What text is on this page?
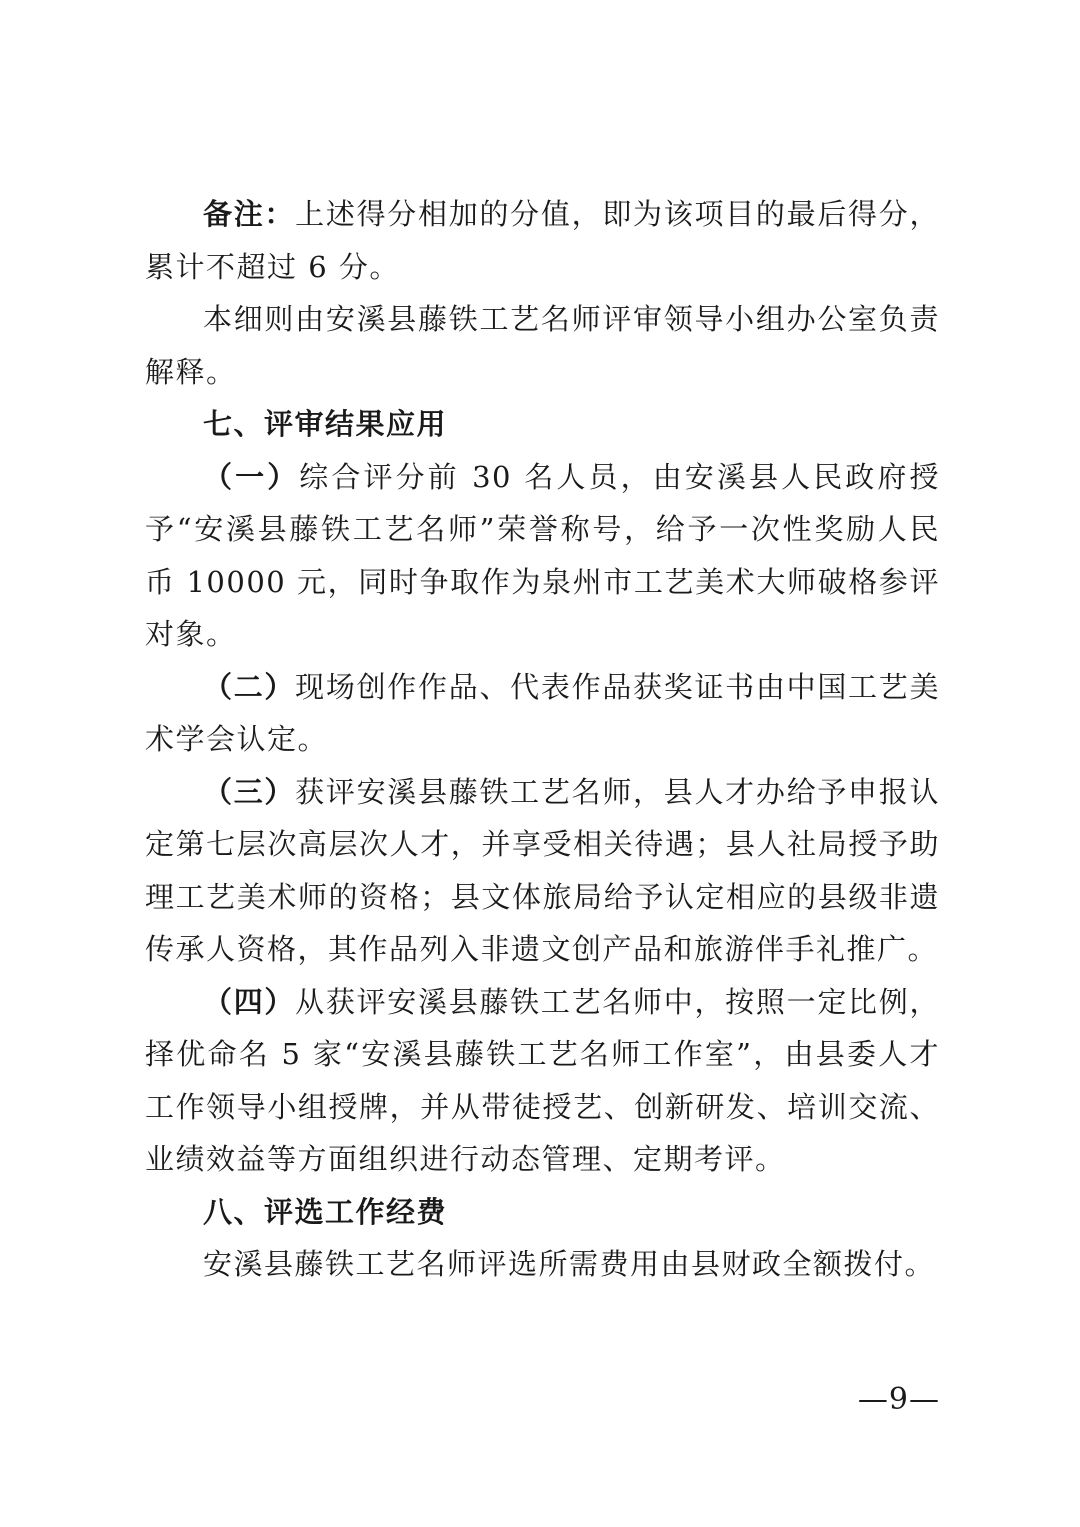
备注：上述得分相加的分值，即为该项目的最后得分，累计不超过 6 分。

本细则由安溪县藤铁工艺名师评审领导小组办公室负责解释。

七、评审结果应用

（一）综合评分前 30 名人员，由安溪县人民政府授予“安溪县藤铁工艺名师”荣誉称号，给予一次性奖励人民币 10000 元，同时争取作为泉州市工艺美术大师破格参评对象。

（二）现场创作作品、代表作品获奖证书由中国工艺美术学会认定。

（三）获评安溪县藤铁工艺名师，县人才办给予申报认定第七层次高层次人才，并享受相关待遇；县人社局授予助理工艺美术师的资格；县文体旅局给予认定相应的县级非遗传承人资格，其作品列入非遗文创产品和旅游伴手礼推广。

（四）从获评安溪县藤铁工艺名师中，按照一定比例，择优命名 5 家“安溪县藤铁工艺名师工作室”，由县委人才工作领导小组授牌，并从带徒授艺、创新研发、培训交流、业绩效益等方面组织进行动态管理、定期考评。

八、评选工作经费

安溪县藤铁工艺名师评选所需费用由县财政全额拨付。

—9—
